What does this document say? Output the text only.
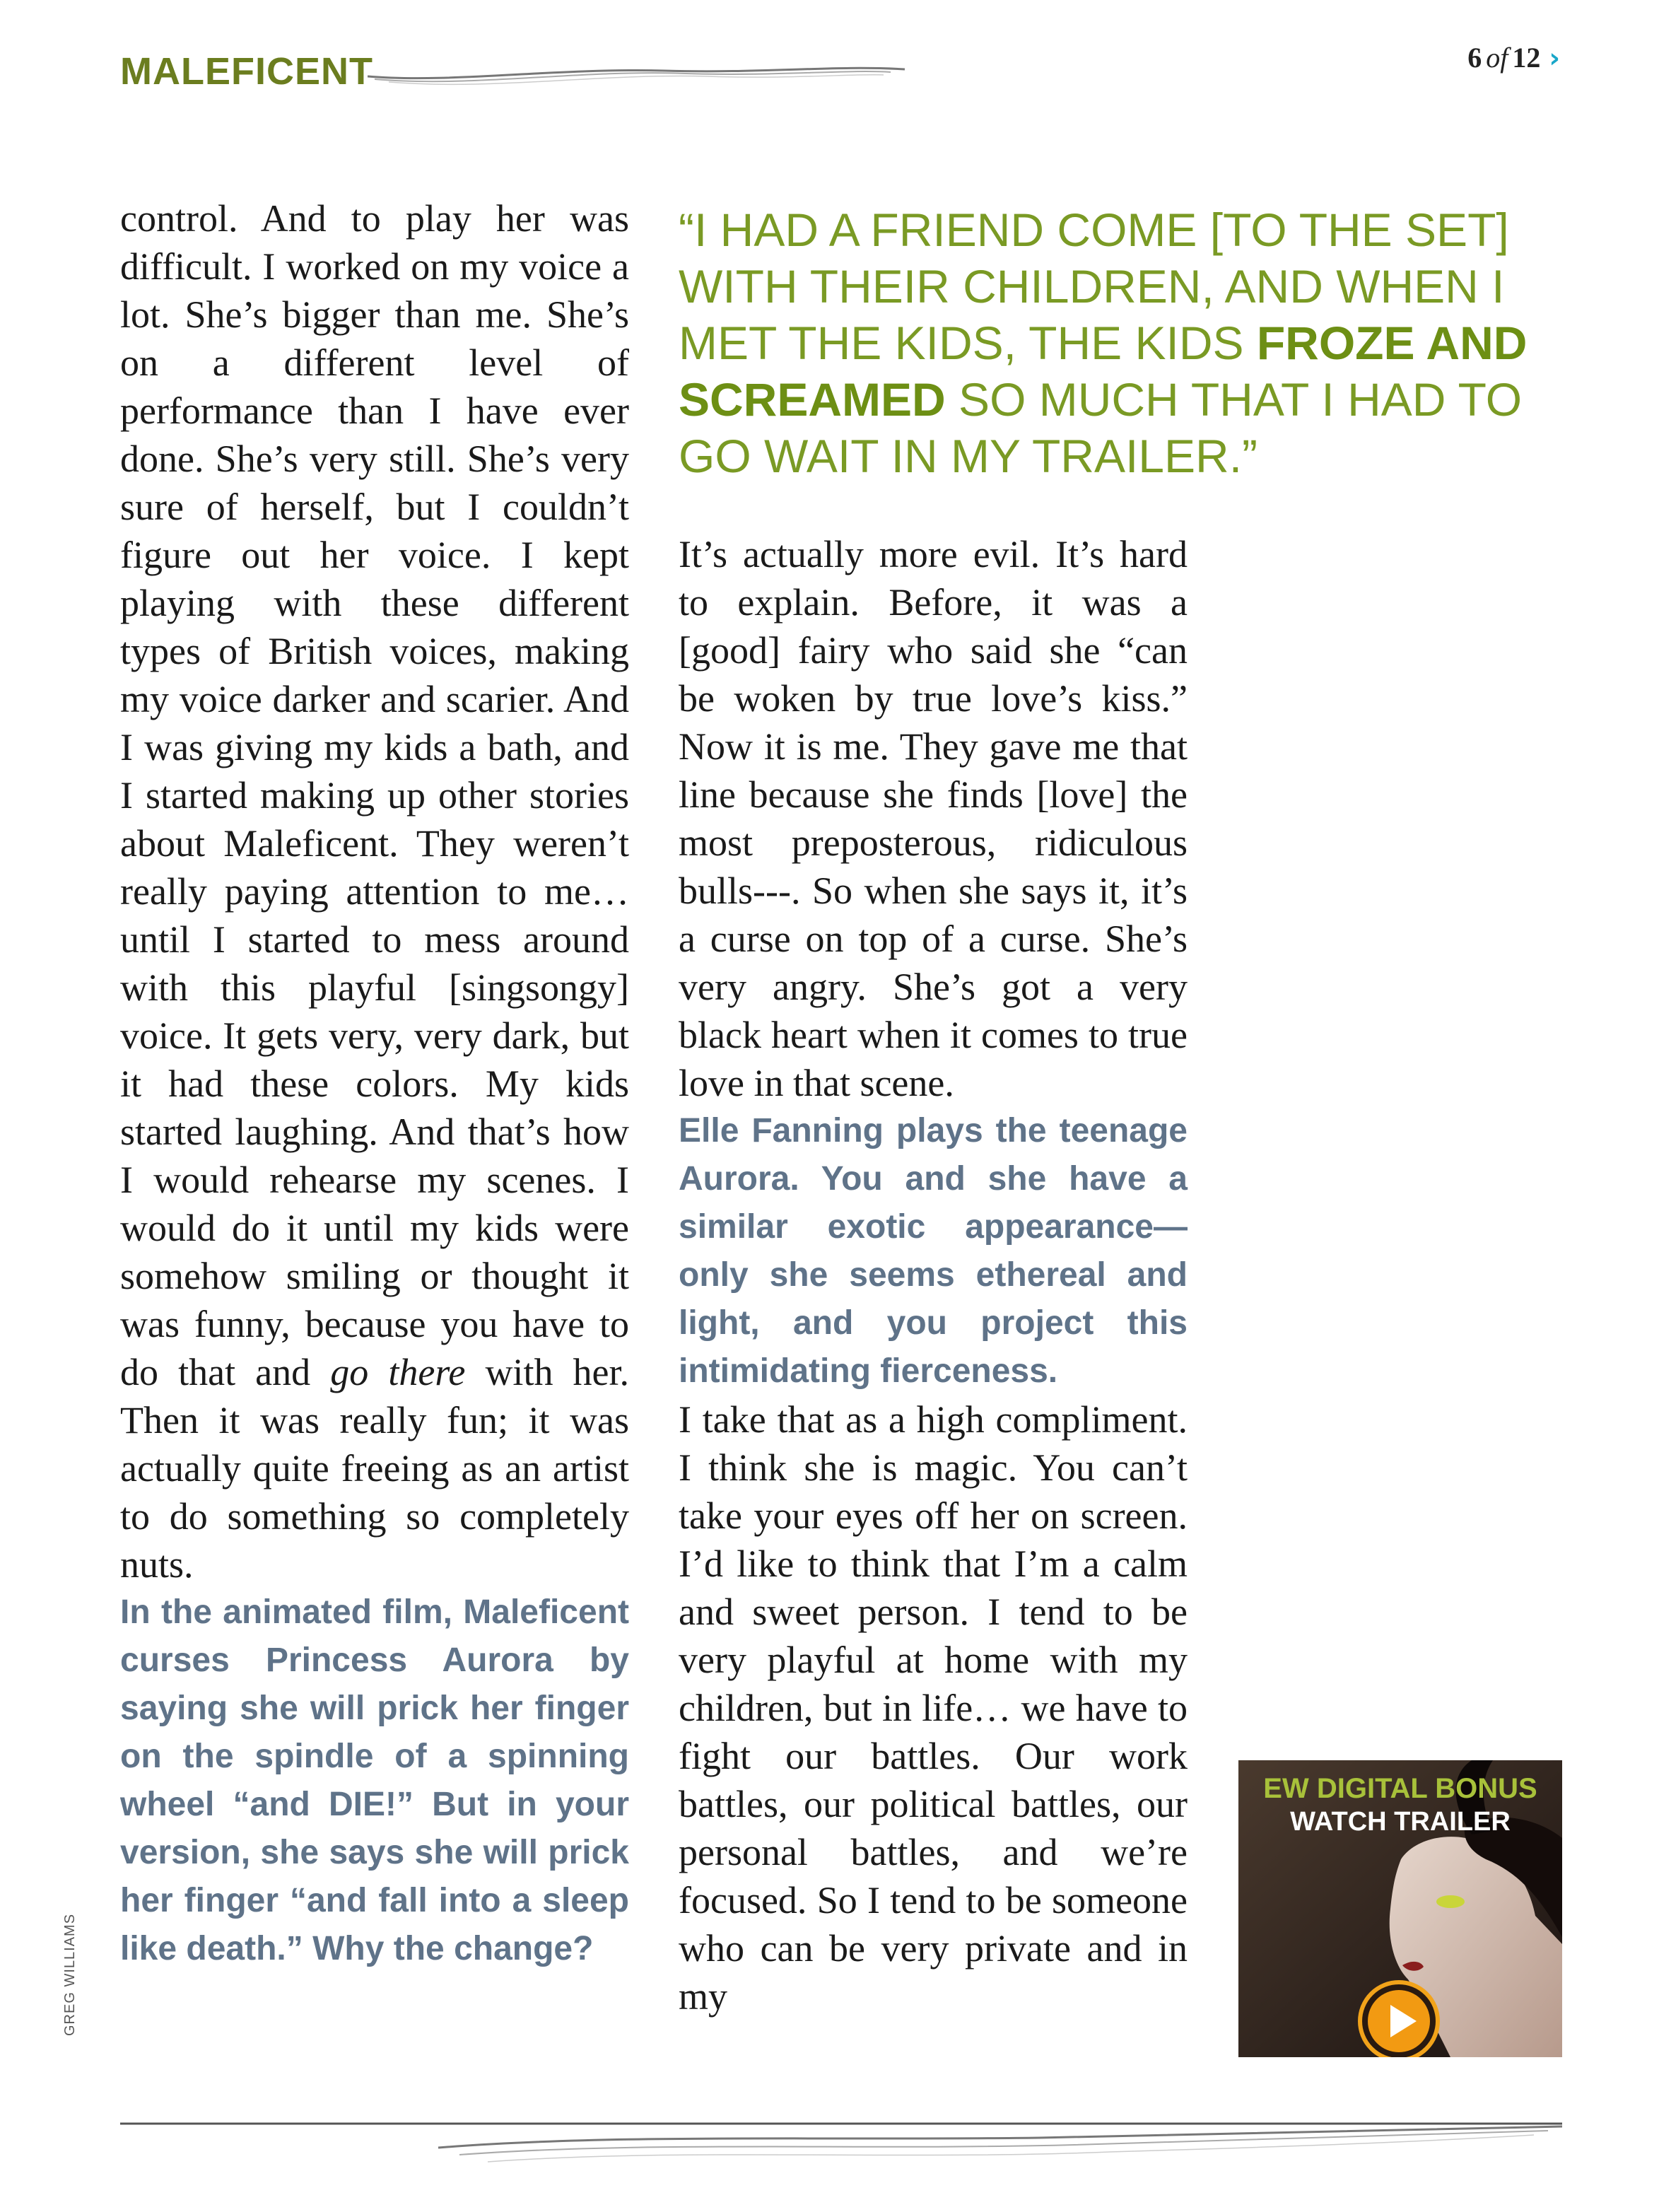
MALEFICENT	6 of 12 ›

control. And to play her was difficult. I worked on my voice a lot. She’s bigger than me. She’s on a different level of performance than I have ever done. She’s very still. She’s very sure of herself, but I couldn’t figure out her voice. I kept playing with these different types of British voices, making my voice darker and scarier. And I was giving my kids a bath, and I started making up other stories about Maleficent. They weren’t really paying attention to me…until I started to mess around with this playful [singsongy] voice. It gets very, very dark, but it had these colors. My kids started laughing. And that’s how I would rehearse my scenes. I would do it until my kids were somehow smiling or thought it was funny, because you have to do that and go there with her. Then it was really fun; it was actually quite freeing as an artist to do something so completely nuts.

In the animated film, Maleficent curses Princess Aurora by saying she will prick her finger on the spindle of a spinning wheel “and DIE!” But in your version, she says she will prick her finger “and fall into a sleep like death.” Why the change?

“I HAD A FRIEND COME [TO THE SET] WITH THEIR CHILDREN, AND WHEN I MET THE KIDS, THE KIDS FROZE AND SCREAMED SO MUCH THAT I HAD TO GO WAIT IN MY TRAILER.”

It’s actually more evil. It’s hard to explain. Before, it was a [good] fairy who said she “can be woken by true love’s kiss.” Now it is me. They gave me that line because she finds [love] the most preposterous, ridiculous bulls---. So when she says it, it’s a curse on top of a curse. She’s very angry. She’s got a very black heart when it comes to true love in that scene.

Elle Fanning plays the teenage Aurora. You and she have a similar exotic appearance—only she seems ethereal and light, and you project this intimidating fierceness.

I take that as a high compliment. I think she is magic. You can’t take your eyes off her on screen. I’d like to think that I’m a calm and sweet person. I tend to be very playful at home with my children, but in life… we have to fight our battles. Our work battles, our political battles, our personal battles, and we’re focused. So I tend to be someone who can be very private and in my

EW DIGITAL BONUS
WATCH TRAILER
GREG WILLIAMS
